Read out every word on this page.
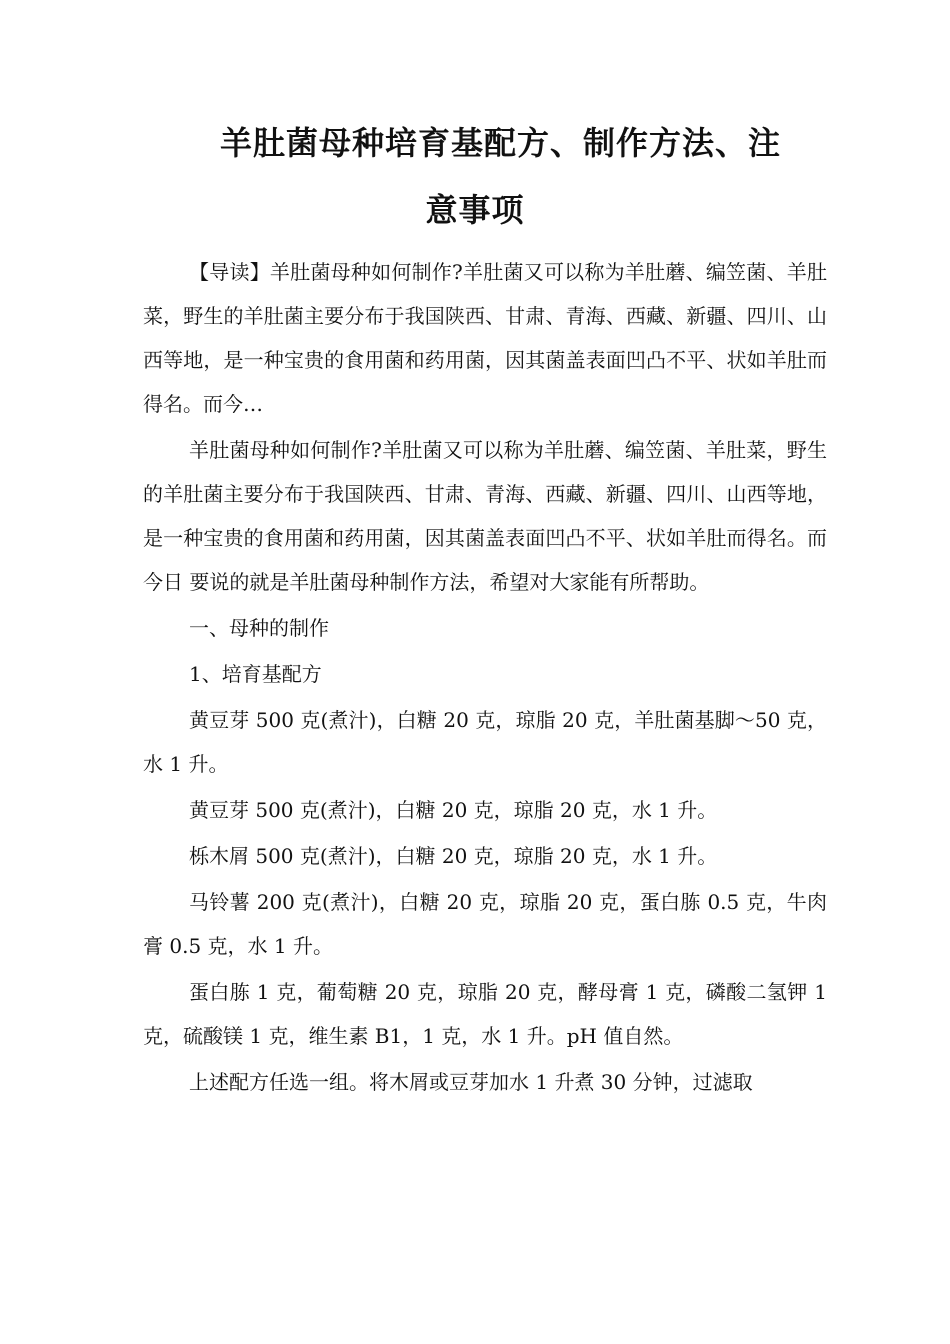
羊肚菌母种培育基配方、制作方法、注
意事项

【导读】羊肚菌母种如何制作?羊肚菌又可以称为羊肚蘑、编笠菌、羊肚菜，野生的羊肚菌主要分布于我国陕西、甘肃、青海、西藏、新疆、四川、山西等地，是一种宝贵的食用菌和药用菌，因其菌盖表面凹凸不平、状如羊肚而得名。而今…

羊肚菌母种如何制作?羊肚菌又可以称为羊肚蘑、编笠菌、羊肚菜，野生的羊肚菌主要分布于我国陕西、甘肃、青海、西藏、新疆、四川、山西等地，是一种宝贵的食用菌和药用菌，因其菌盖表面凹凸不平、状如羊肚而得名。而今日 要说的就是羊肚菌母种制作方法，希望对大家能有所帮助。

一、母种的制作

1、培育基配方

黄豆芽 500 克(煮汁)，白糖 20 克，琼脂 20 克，羊肚菌基脚～50 克，水 1 升。

黄豆芽 500 克(煮汁)，白糖 20 克，琼脂 20 克，水 1 升。

栎木屑 500 克(煮汁)，白糖 20 克，琼脂 20 克，水 1 升。

马铃薯 200 克(煮汁)，白糖 20 克，琼脂 20 克，蛋白胨 0.5 克，牛肉膏 0.5 克，水 1 升。

蛋白胨 1 克，葡萄糖 20 克，琼脂 20 克，酵母膏 1 克，磷酸二氢钾 1 克，硫酸镁 1 克，维生素 B1，1 克，水 1 升。pH 值自然。

上述配方任选一组。将木屑或豆芽加水 1 升煮 30 分钟，过滤取
